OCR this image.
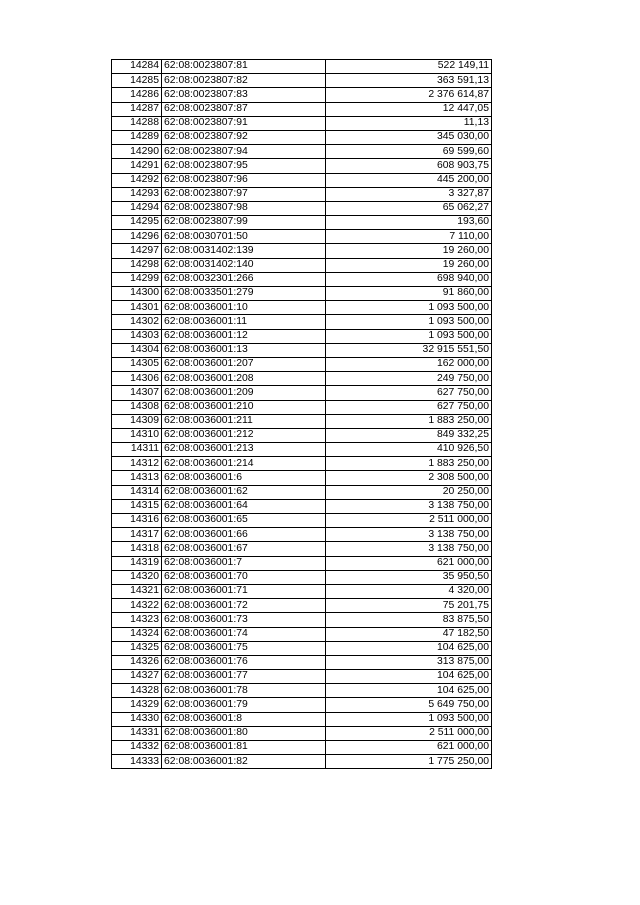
14284	62:08:0023807:81	522 149,11
14285	62:08:0023807:82	363 591,13
14286	62:08:0023807:83	2 376 614,87
14287	62:08:0023807:87	12 447,05
14288	62:08:0023807:91	11,13
14289	62:08:0023807:92	345 030,00
14290	62:08:0023807:94	69 599,60
14291	62:08:0023807:95	608 903,75
14292	62:08:0023807:96	445 200,00
14293	62:08:0023807:97	3 327,87
14294	62:08:0023807:98	65 062,27
14295	62:08:0023807:99	193,60
14296	62:08:0030701:50	7 110,00
14297	62:08:0031402:139	19 260,00
14298	62:08:0031402:140	19 260,00
14299	62:08:0032301:266	698 940,00
14300	62:08:0033501:279	91 860,00
14301	62:08:0036001:10	1 093 500,00
14302	62:08:0036001:11	1 093 500,00
14303	62:08:0036001:12	1 093 500,00
14304	62:08:0036001:13	32 915 551,50
14305	62:08:0036001:207	162 000,00
14306	62:08:0036001:208	249 750,00
14307	62:08:0036001:209	627 750,00
14308	62:08:0036001:210	627 750,00
14309	62:08:0036001:211	1 883 250,00
14310	62:08:0036001:212	849 332,25
14311	62:08:0036001:213	410 926,50
14312	62:08:0036001:214	1 883 250,00
14313	62:08:0036001:6	2 308 500,00
14314	62:08:0036001:62	20 250,00
14315	62:08:0036001:64	3 138 750,00
14316	62:08:0036001:65	2 511 000,00
14317	62:08:0036001:66	3 138 750,00
14318	62:08:0036001:67	3 138 750,00
14319	62:08:0036001:7	621 000,00
14320	62:08:0036001:70	35 950,50
14321	62:08:0036001:71	4 320,00
14322	62:08:0036001:72	75 201,75
14323	62:08:0036001:73	83 875,50
14324	62:08:0036001:74	47 182,50
14325	62:08:0036001:75	104 625,00
14326	62:08:0036001:76	313 875,00
14327	62:08:0036001:77	104 625,00
14328	62:08:0036001:78	104 625,00
14329	62:08:0036001:79	5 649 750,00
14330	62:08:0036001:8	1 093 500,00
14331	62:08:0036001:80	2 511 000,00
14332	62:08:0036001:81	621 000,00
14333	62:08:0036001:82	1 775 250,00
